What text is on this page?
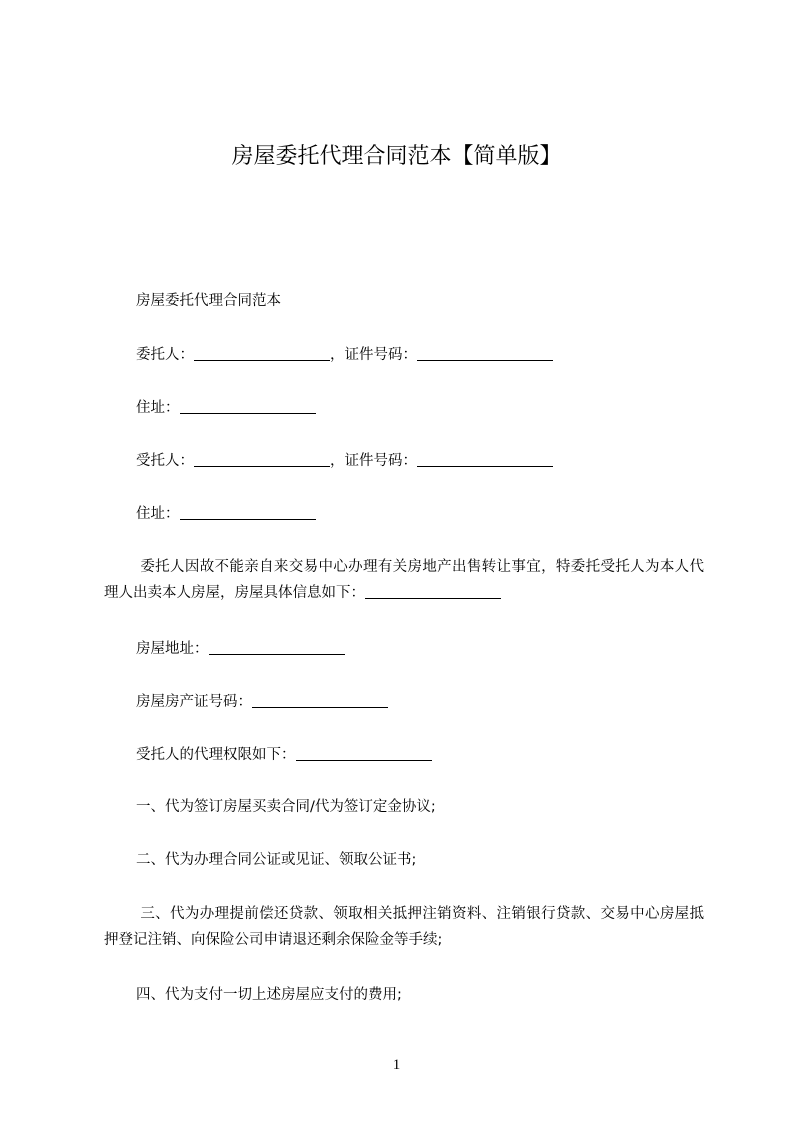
房屋委托代理合同范本【简单版】
房屋委托代理合同范本
委托人：	，证件号码：
住址：
受托人：	，证件号码：
住址：
委托人因故不能亲自来交易中心办理有关房地产出售转让事宜，特委托受托人为本人代理人出卖本人房屋，房屋具体信息如下：
房屋地址：
房屋房产证号码：
受托人的代理权限如下：
一、代为签订房屋买卖合同/代为签订定金协议;
二、代为办理合同公证或见证、领取公证书;
三、代为办理提前偿还贷款、领取相关抵押注销资料、注销银行贷款、交易中心房屋抵押登记注销、向保险公司申请退还剩余保险金等手续;
四、代为支付一切上述房屋应支付的费用;
1
